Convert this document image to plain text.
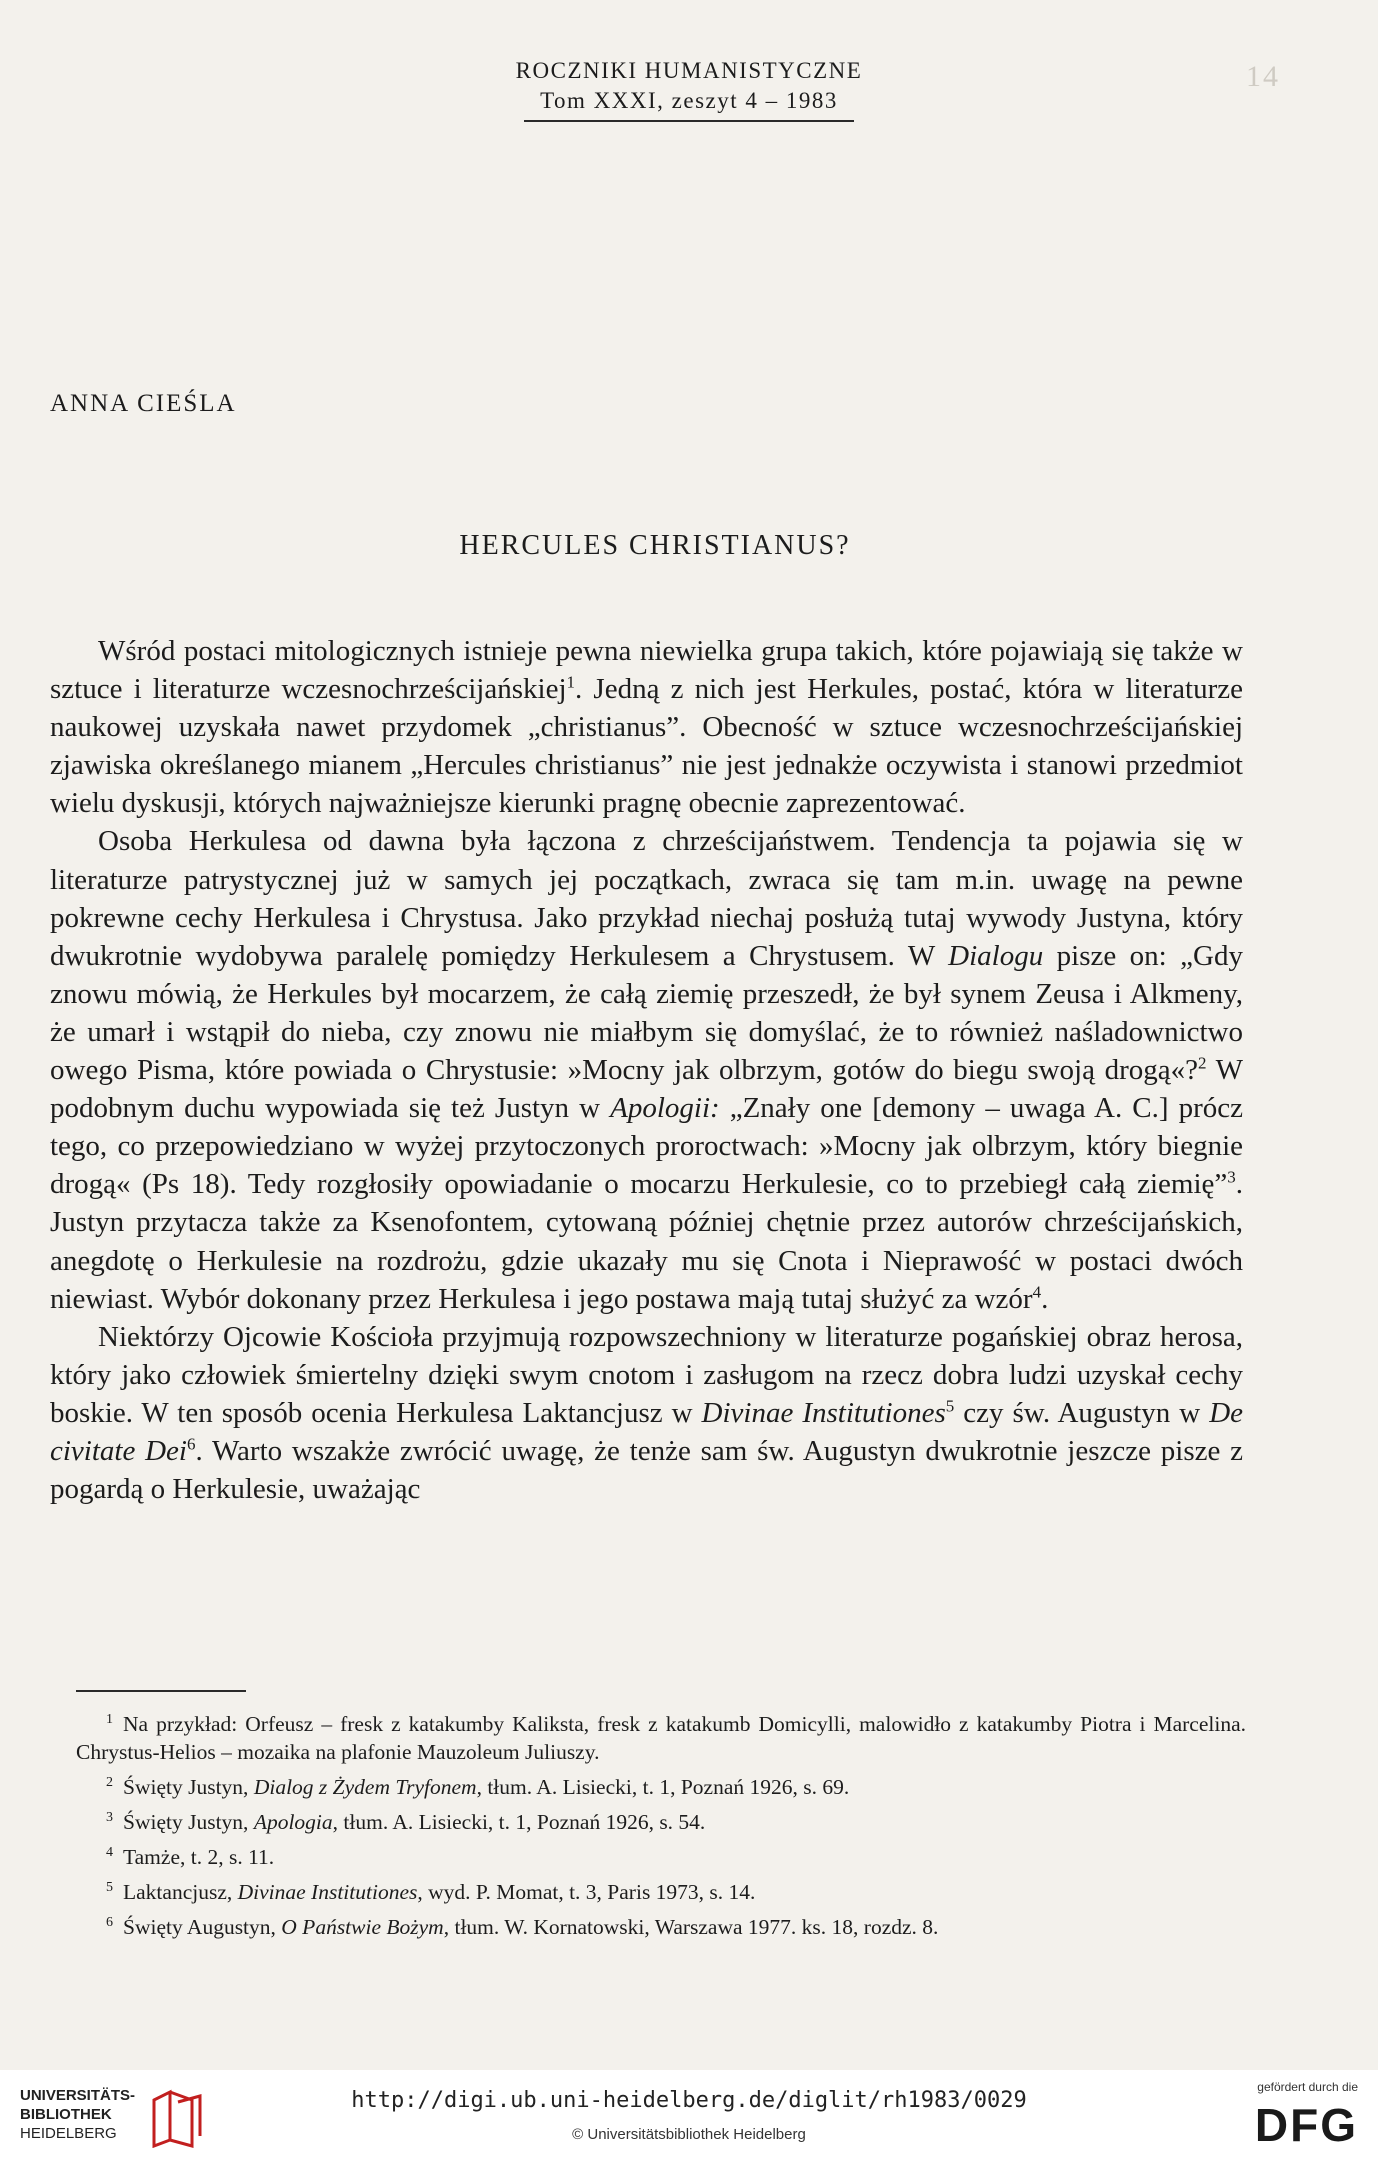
14
ROCZNIKI HUMANISTYCZNE
Tom XXXI, zeszyt 4 – 1983
ANNA CIEŚLA
HERCULES CHRISTIANUS?

Wśród postaci mitologicznych istnieje pewna niewielka grupa takich, które pojawiają się także w sztuce i literaturze wczesnochrześcijańskiej$^1$. Jedną z nich jest Herkules, postać, która w literaturze naukowej uzyskała nawet przydomek „christianus”. Obecność w sztuce wczesnochrześcijańskiej zjawiska określanego mianem „Hercules christianus” nie jest jednakże oczywista i stanowi przedmiot wielu dyskusji, których najważniejsze kierunki pragnę obecnie zaprezentować.

Osoba Herkulesa od dawna była łączona z chrześcijaństwem. Tendencja ta pojawia się w literaturze patrystycznej już w samych jej początkach, zwraca się tam m.in. uwagę na pewne pokrewne cechy Herkulesa i Chrystusa. Jako przykład niechaj posłużą tutaj wywody Justyna, który dwukrotnie wydobywa paralelę pomiędzy Herkulesem a Chrystusem. W Dialogu pisze on: „Gdy znowu mówią, że Herkules był mocarzem, że całą ziemię przeszedł, że był synem Zeusa i Alkmeny, że umarł i wstąpił do nieba, czy znowu nie miałbym się domyślać, że to również naśladownictwo owego Pisma, które powiada o Chrystusie: »Mocny jak olbrzym, gotów do biegu swoją drogą«?$^2$ W podobnym duchu wypowiada się też Justyn w Apologii: „Znały one [demony – uwaga A. C.] prócz tego, co przepowiedziano w wyżej przytoczonych proroctwach: »Mocny jak olbrzym, który biegnie drogą« (Ps 18). Tedy rozgłosiły opowiadanie o mocarzu Herkulesie, co to przebiegł całą ziemię”$^3$. Justyn przytacza także za Ksenofontem, cytowaną później chętnie przez autorów chrześcijańskich, anegdotę o Herkulesie na rozdrożu, gdzie ukazały mu się Cnota i Nieprawość w postaci dwóch niewiast. Wybór dokonany przez Herkulesa i jego postawa mają tutaj służyć za wzór$^4$.

Niektórzy Ojcowie Kościoła przyjmują rozpowszechniony w literaturze pogańskiej obraz herosa, który jako człowiek śmiertelny dzięki swym cnotom i zasługom na rzecz dobra ludzi uzyskał cechy boskie. W ten sposób ocenia Herkulesa Laktancjusz w Divinae Institutiones$^5$ czy św. Augustyn w De civitate Dei$^6$. Warto wszakże zwrócić uwagę, że tenże sam św. Augustyn dwukrotnie jeszcze pisze z pogardą o Herkulesie, uważając

$^1$ Na przykład: Orfeusz – fresk z katakumby Kaliksta, fresk z katakumb Domicylli, malowidło z katakumby Piotra i Marcelina. Chrystus-Helios – mozaika na plafonie Mauzoleum Juliuszy.

$^2$ Święty Justyn, Dialog z Żydem Tryfonem, tłum. A. Lisiecki, t. 1, Poznań 1926, s. 69.

$^3$ Święty Justyn, Apologia, tłum. A. Lisiecki, t. 1, Poznań 1926, s. 54.

$^4$ Tamże, t. 2, s. 11.

$^5$ Laktancjusz, Divinae Institutiones, wyd. P. Momat, t. 3, Paris 1973, s. 14.

$^6$ Święty Augustyn, O Państwie Bożym, tłum. W. Kornatowski, Warszawa 1977. ks. 18, rozdz. 8.

UNIVERSITÄTS-
BIBLIOTHEK
HEIDELBERG
http://digi.ub.uni-heidelberg.de/diglit/rh1983/0029
© Universitätsbibliothek Heidelberg
gefördert durch die
DFG
